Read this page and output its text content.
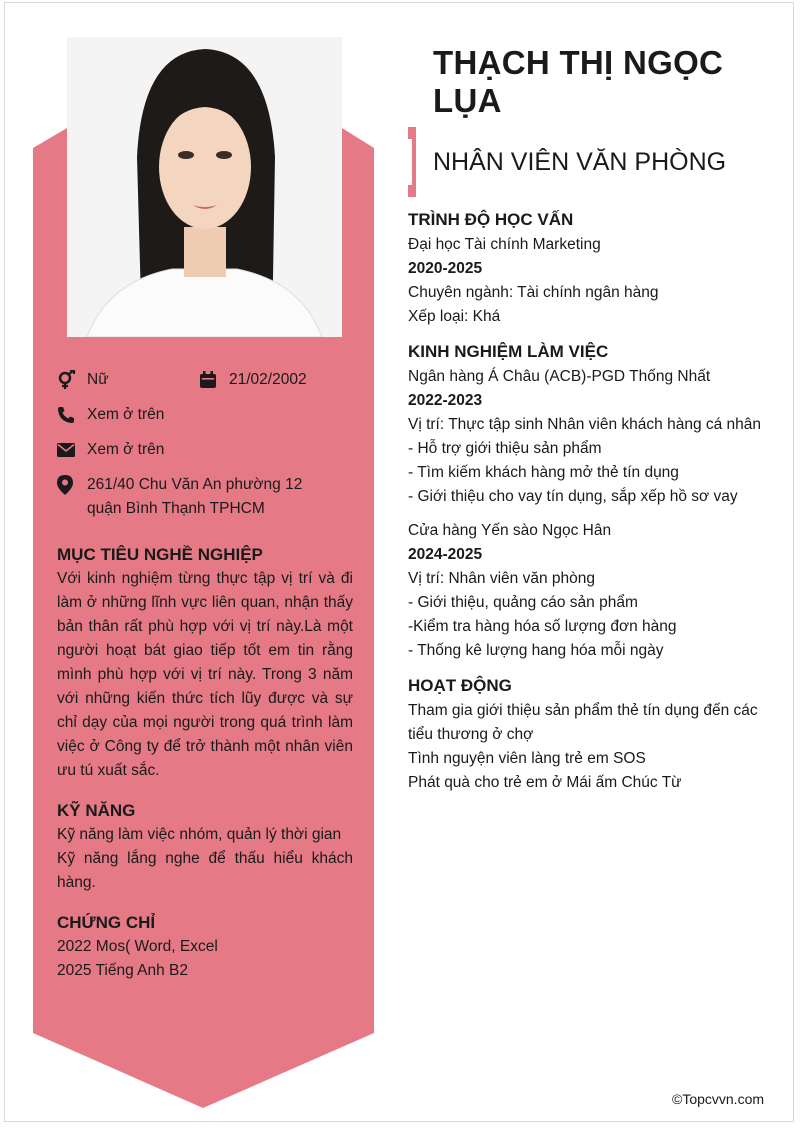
Nữ	21/02/2002
Xem ở trên
Xem ở trên
261/40 Chu Văn An phường 12
quận Bình Thạnh TPHCM
MỤC TIÊU NGHỀ NGHIỆP
Với kinh nghiệm từng thực tập vị trí và đi làm ở những lĩnh vực liên quan, nhận thấy bản thân rất phù hợp với vị trí này.Là một người hoạt bát giao tiếp tốt em tin rằng mình phù hợp với vị trí này. Trong 3 năm với những kiến thức tích lũy được và sự chỉ dạy của mọi người trong quá trình làm việc ở Công ty để trở thành một nhân viên ưu tú xuất sắc.
KỸ NĂNG
Kỹ năng làm việc nhóm, quản lý thời gian
Kỹ năng lắng nghe để thấu hiểu khách hàng.
CHỨNG CHỈ
2022 Mos( Word, Excel
2025 Tiếng Anh B2
THẠCH THỊ NGỌC LỤA
NHÂN VIÊN VĂN PHÒNG
TRÌNH ĐỘ HỌC VẤN
Đại học Tài chính Marketing
2020-2025
Chuyên ngành: Tài chính ngân hàng
Xếp loại: Khá
KINH NGHIỆM LÀM VIỆC
Ngân hàng Á Châu (ACB)-PGD Thống Nhất
2022-2023
Vị trí: Thực tập sinh Nhân viên khách hàng cá nhân
- Hỗ trợ giới thiệu sản phẩm
- Tìm kiếm khách hàng mở thẻ tín dụng
- Giới thiệu cho vay tín dụng, sắp xếp hồ sơ vay
Cửa hàng Yến sào Ngọc Hân
2024-2025
Vị trí: Nhân viên văn phòng
- Giới thiệu, quảng cáo sản phẩm
-Kiểm tra hàng hóa số lượng đơn hàng
- Thống kê lượng hang hóa mỗi ngày
HOẠT ĐỘNG
Tham gia giới thiệu sản phẩm thẻ tín dụng đến các tiểu thương ở chợ
Tình nguyện viên làng trẻ em SOS
Phát quà cho trẻ em ở Mái ấm Chúc Từ
©Topcvvn.com
